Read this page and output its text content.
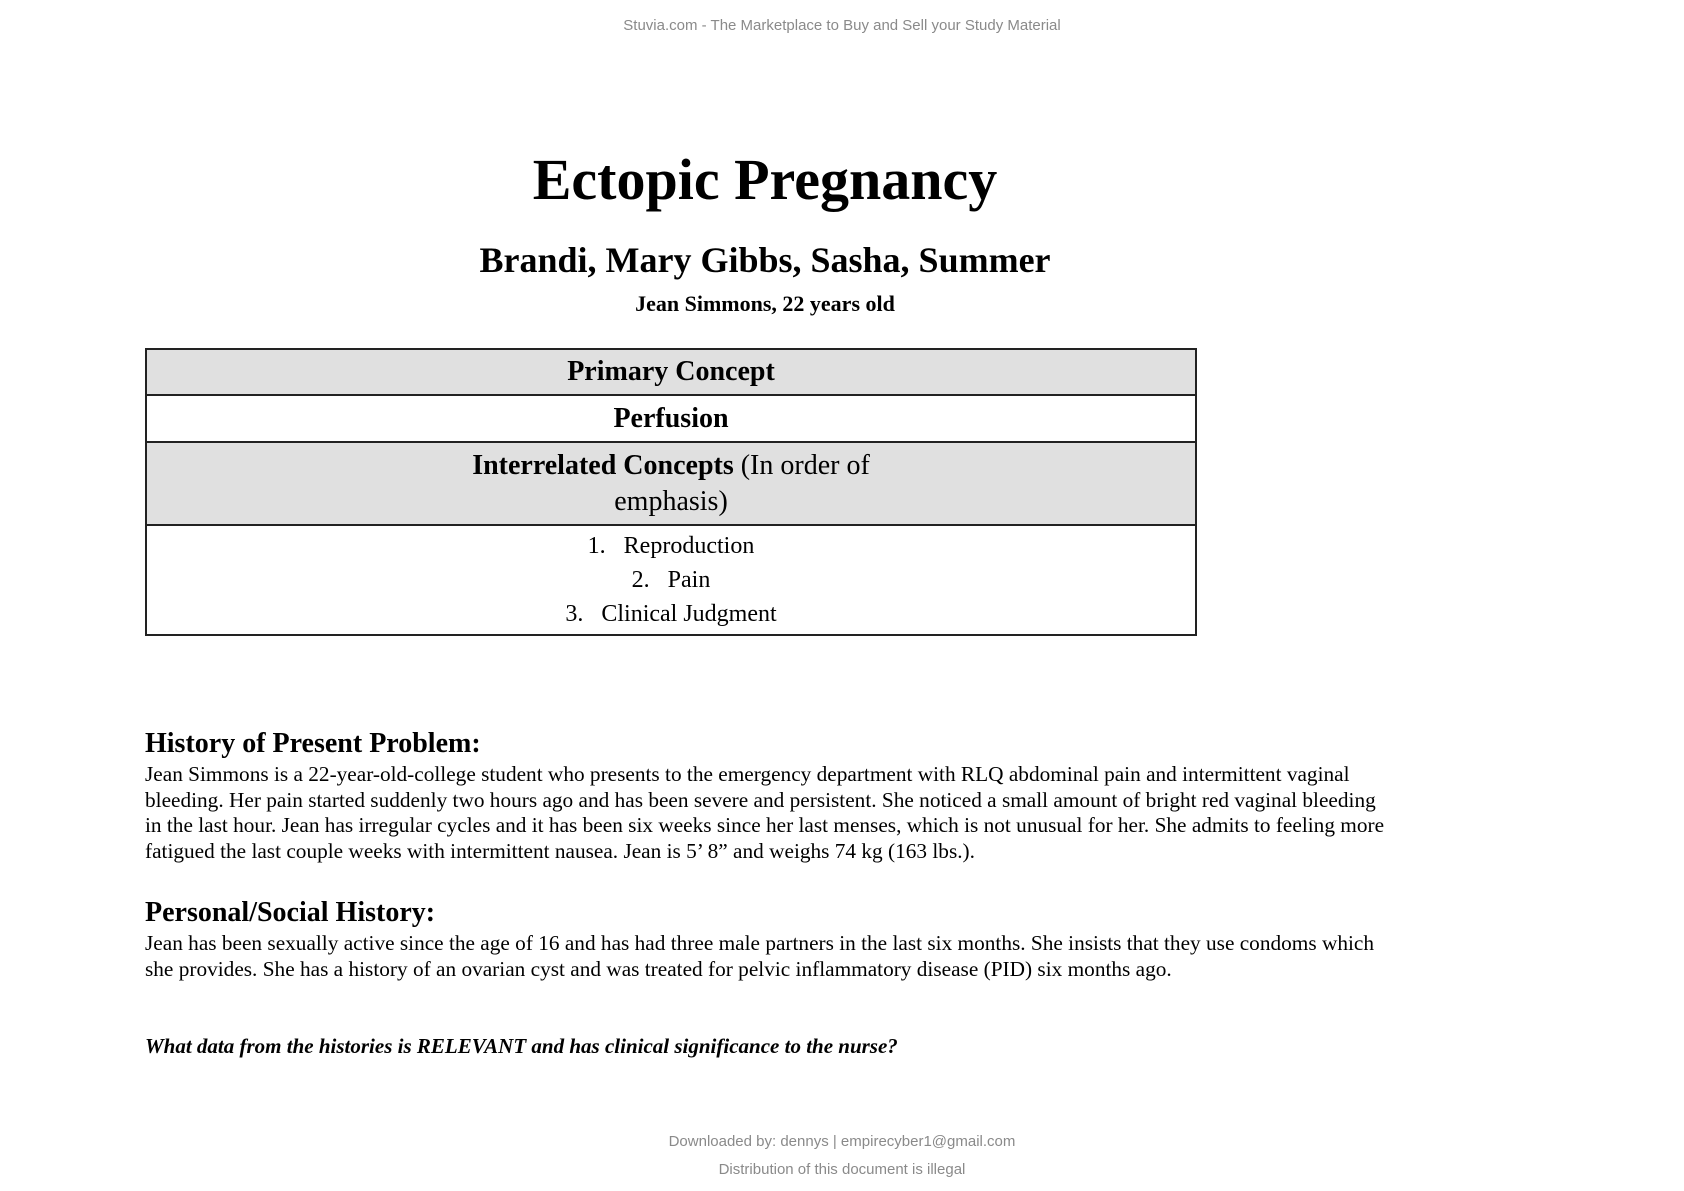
Stuvia.com - The Marketplace to Buy and Sell your Study Material
Ectopic Pregnancy
Brandi, Mary Gibbs, Sasha, Summer
Jean Simmons, 22 years old
Primary Concept
Perfusion
Interrelated Concepts (In order of emphasis)

1. Reproduction
2. Pain
3. Clinical Judgment
History of Present Problem:
Jean Simmons is a 22-year-old-college student who presents to the emergency department with RLQ abdominal pain and intermittent vaginal bleeding. Her pain started suddenly two hours ago and has been severe and persistent. She noticed a small amount of bright red vaginal bleeding in the last hour. Jean has irregular cycles and it has been six weeks since her last menses, which is not unusual for her. She admits to feeling more fatigued the last couple weeks with intermittent nausea. Jean is 5’ 8” and weighs 74 kg (163 lbs.).
Personal/Social History:
Jean has been sexually active since the age of 16 and has had three male partners in the last six months. She insists that they use condoms which she provides. She has a history of an ovarian cyst and was treated for pelvic inflammatory disease (PID) six months ago.
What data from the histories is RELEVANT and has clinical significance to the nurse?
Downloaded by: dennys | empirecyber1@gmail.com
Distribution of this document is illegal
